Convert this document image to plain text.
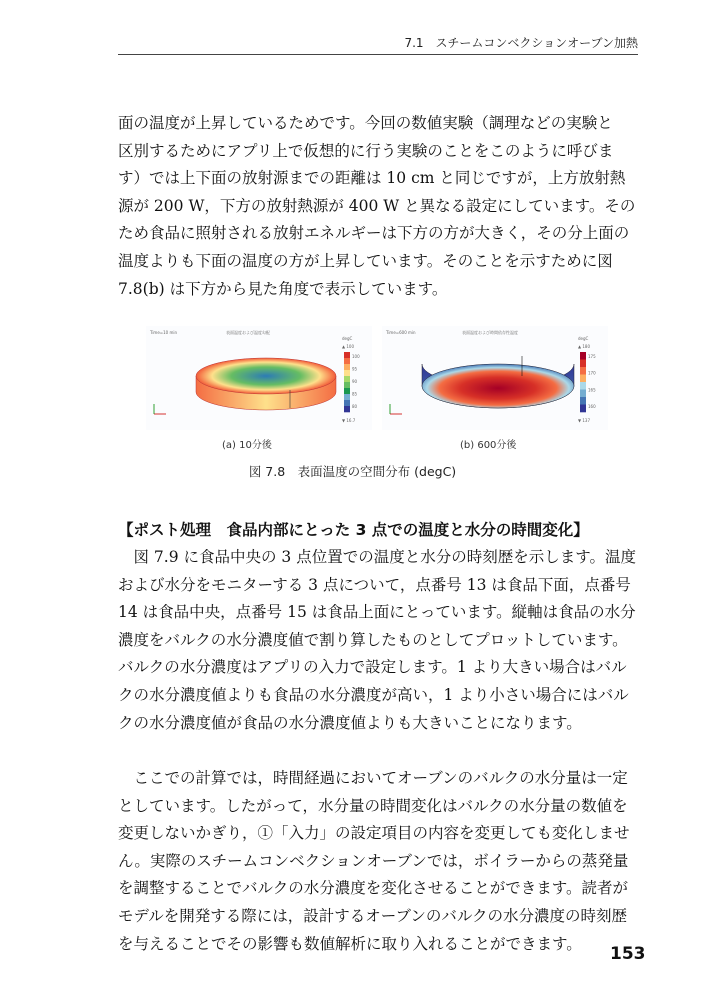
7.1　スチームコンベクションオーブン加熱
面の温度が上昇しているためです。今回の数値実験（調理などの実験と
区別するためにアプリ上で仮想的に行う実験のことをこのように呼びま
す）では上下面の放射源までの距離は 10 cm と同じですが，上方放射熱
源が 200 W，下方の放射熱源が 400 W と異なる設定にしています。その
ため食品に照射される放射エネルギーは下方の方が大きく，その分上面の
温度よりも下面の温度の方が上昇しています。そのことを示すために図
7.8(b) は下方から見た角度で表示しています。
Time=10 min	表面温度および温度勾配
degC
▲ 100
100
95
90
85
80
▼ 16.7
Time=600 min	表面温度および時間依存性温度
degC
▲ 180
175
170
165
160
▼ 137
(a) 10分後	(b) 600分後
図 7.8　表面温度の空間分布 (degC)
【ポスト処理　食品内部にとった 3 点での温度と水分の時間変化】
　図 7.9 に食品中央の 3 点位置での温度と水分の時刻歴を示します。温度
および水分をモニターする 3 点について，点番号 13 は食品下面，点番号
14 は食品中央，点番号 15 は食品上面にとっています。縦軸は食品の水分
濃度をバルクの水分濃度値で割り算したものとしてプロットしています。
バルクの水分濃度はアプリの入力で設定します。1 より大きい場合はバル
クの水分濃度値よりも食品の水分濃度が高い，1 より小さい場合にはバル
クの水分濃度値が食品の水分濃度値よりも大きいことになります。
　ここでの計算では，時間経過においてオーブンのバルクの水分量は一定
としています。したがって，水分量の時間変化はバルクの水分量の数値を
変更しないかぎり，①「入力」の設定項目の内容を変更しても変化しませ
ん。実際のスチームコンベクションオーブンでは，ボイラーからの蒸発量
を調整することでバルクの水分濃度を変化させることができます。読者が
モデルを開発する際には，設計するオーブンのバルクの水分濃度の時刻歴
を与えることでその影響も数値解析に取り入れることができます。
153
